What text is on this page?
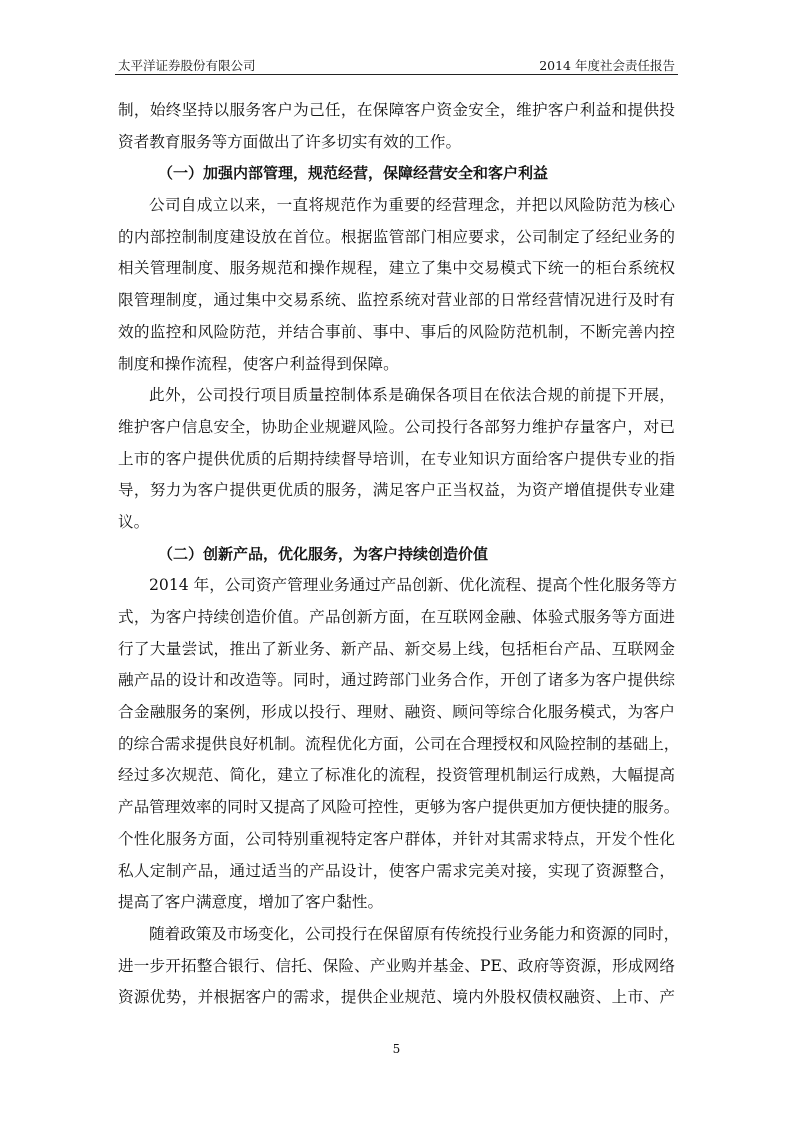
太平洋证券股份有限公司	2014 年度社会责任报告
制，始终坚持以服务客户为己任，在保障客户资金安全，维护客户利益和提供投
资者教育服务等方面做出了许多切实有效的工作。
（一）加强内部管理，规范经营，保障经营安全和客户利益
公司自成立以来，一直将规范作为重要的经营理念，并把以风险防范为核心
的内部控制制度建设放在首位。根据监管部门相应要求，公司制定了经纪业务的
相关管理制度、服务规范和操作规程，建立了集中交易模式下统一的柜台系统权
限管理制度，通过集中交易系统、监控系统对营业部的日常经营情况进行及时有
效的监控和风险防范，并结合事前、事中、事后的风险防范机制，不断完善内控
制度和操作流程，使客户利益得到保障。
此外，公司投行项目质量控制体系是确保各项目在依法合规的前提下开展，
维护客户信息安全，协助企业规避风险。公司投行各部努力维护存量客户，对已
上市的客户提供优质的后期持续督导培训，在专业知识方面给客户提供专业的指
导，努力为客户提供更优质的服务，满足客户正当权益，为资产增值提供专业建
议。
（二）创新产品，优化服务，为客户持续创造价值
2014 年，公司资产管理业务通过产品创新、优化流程、提高个性化服务等方
式，为客户持续创造价值。产品创新方面，在互联网金融、体验式服务等方面进
行了大量尝试，推出了新业务、新产品、新交易上线，包括柜台产品、互联网金
融产品的设计和改造等。同时，通过跨部门业务合作，开创了诸多为客户提供综
合金融服务的案例，形成以投行、理财、融资、顾问等综合化服务模式，为客户
的综合需求提供良好机制。流程优化方面，公司在合理授权和风险控制的基础上，
经过多次规范、简化，建立了标准化的流程，投资管理机制运行成熟，大幅提高
产品管理效率的同时又提高了风险可控性，更够为客户提供更加方便快捷的服务。
个性化服务方面，公司特别重视特定客户群体，并针对其需求特点，开发个性化
私人定制产品，通过适当的产品设计，使客户需求完美对接，实现了资源整合，
提高了客户满意度，增加了客户黏性。
随着政策及市场变化，公司投行在保留原有传统投行业务能力和资源的同时，
进一步开拓整合银行、信托、保险、产业购并基金、PE、政府等资源，形成网络
资源优势，并根据客户的需求，提供企业规范、境内外股权债权融资、上市、产
5
